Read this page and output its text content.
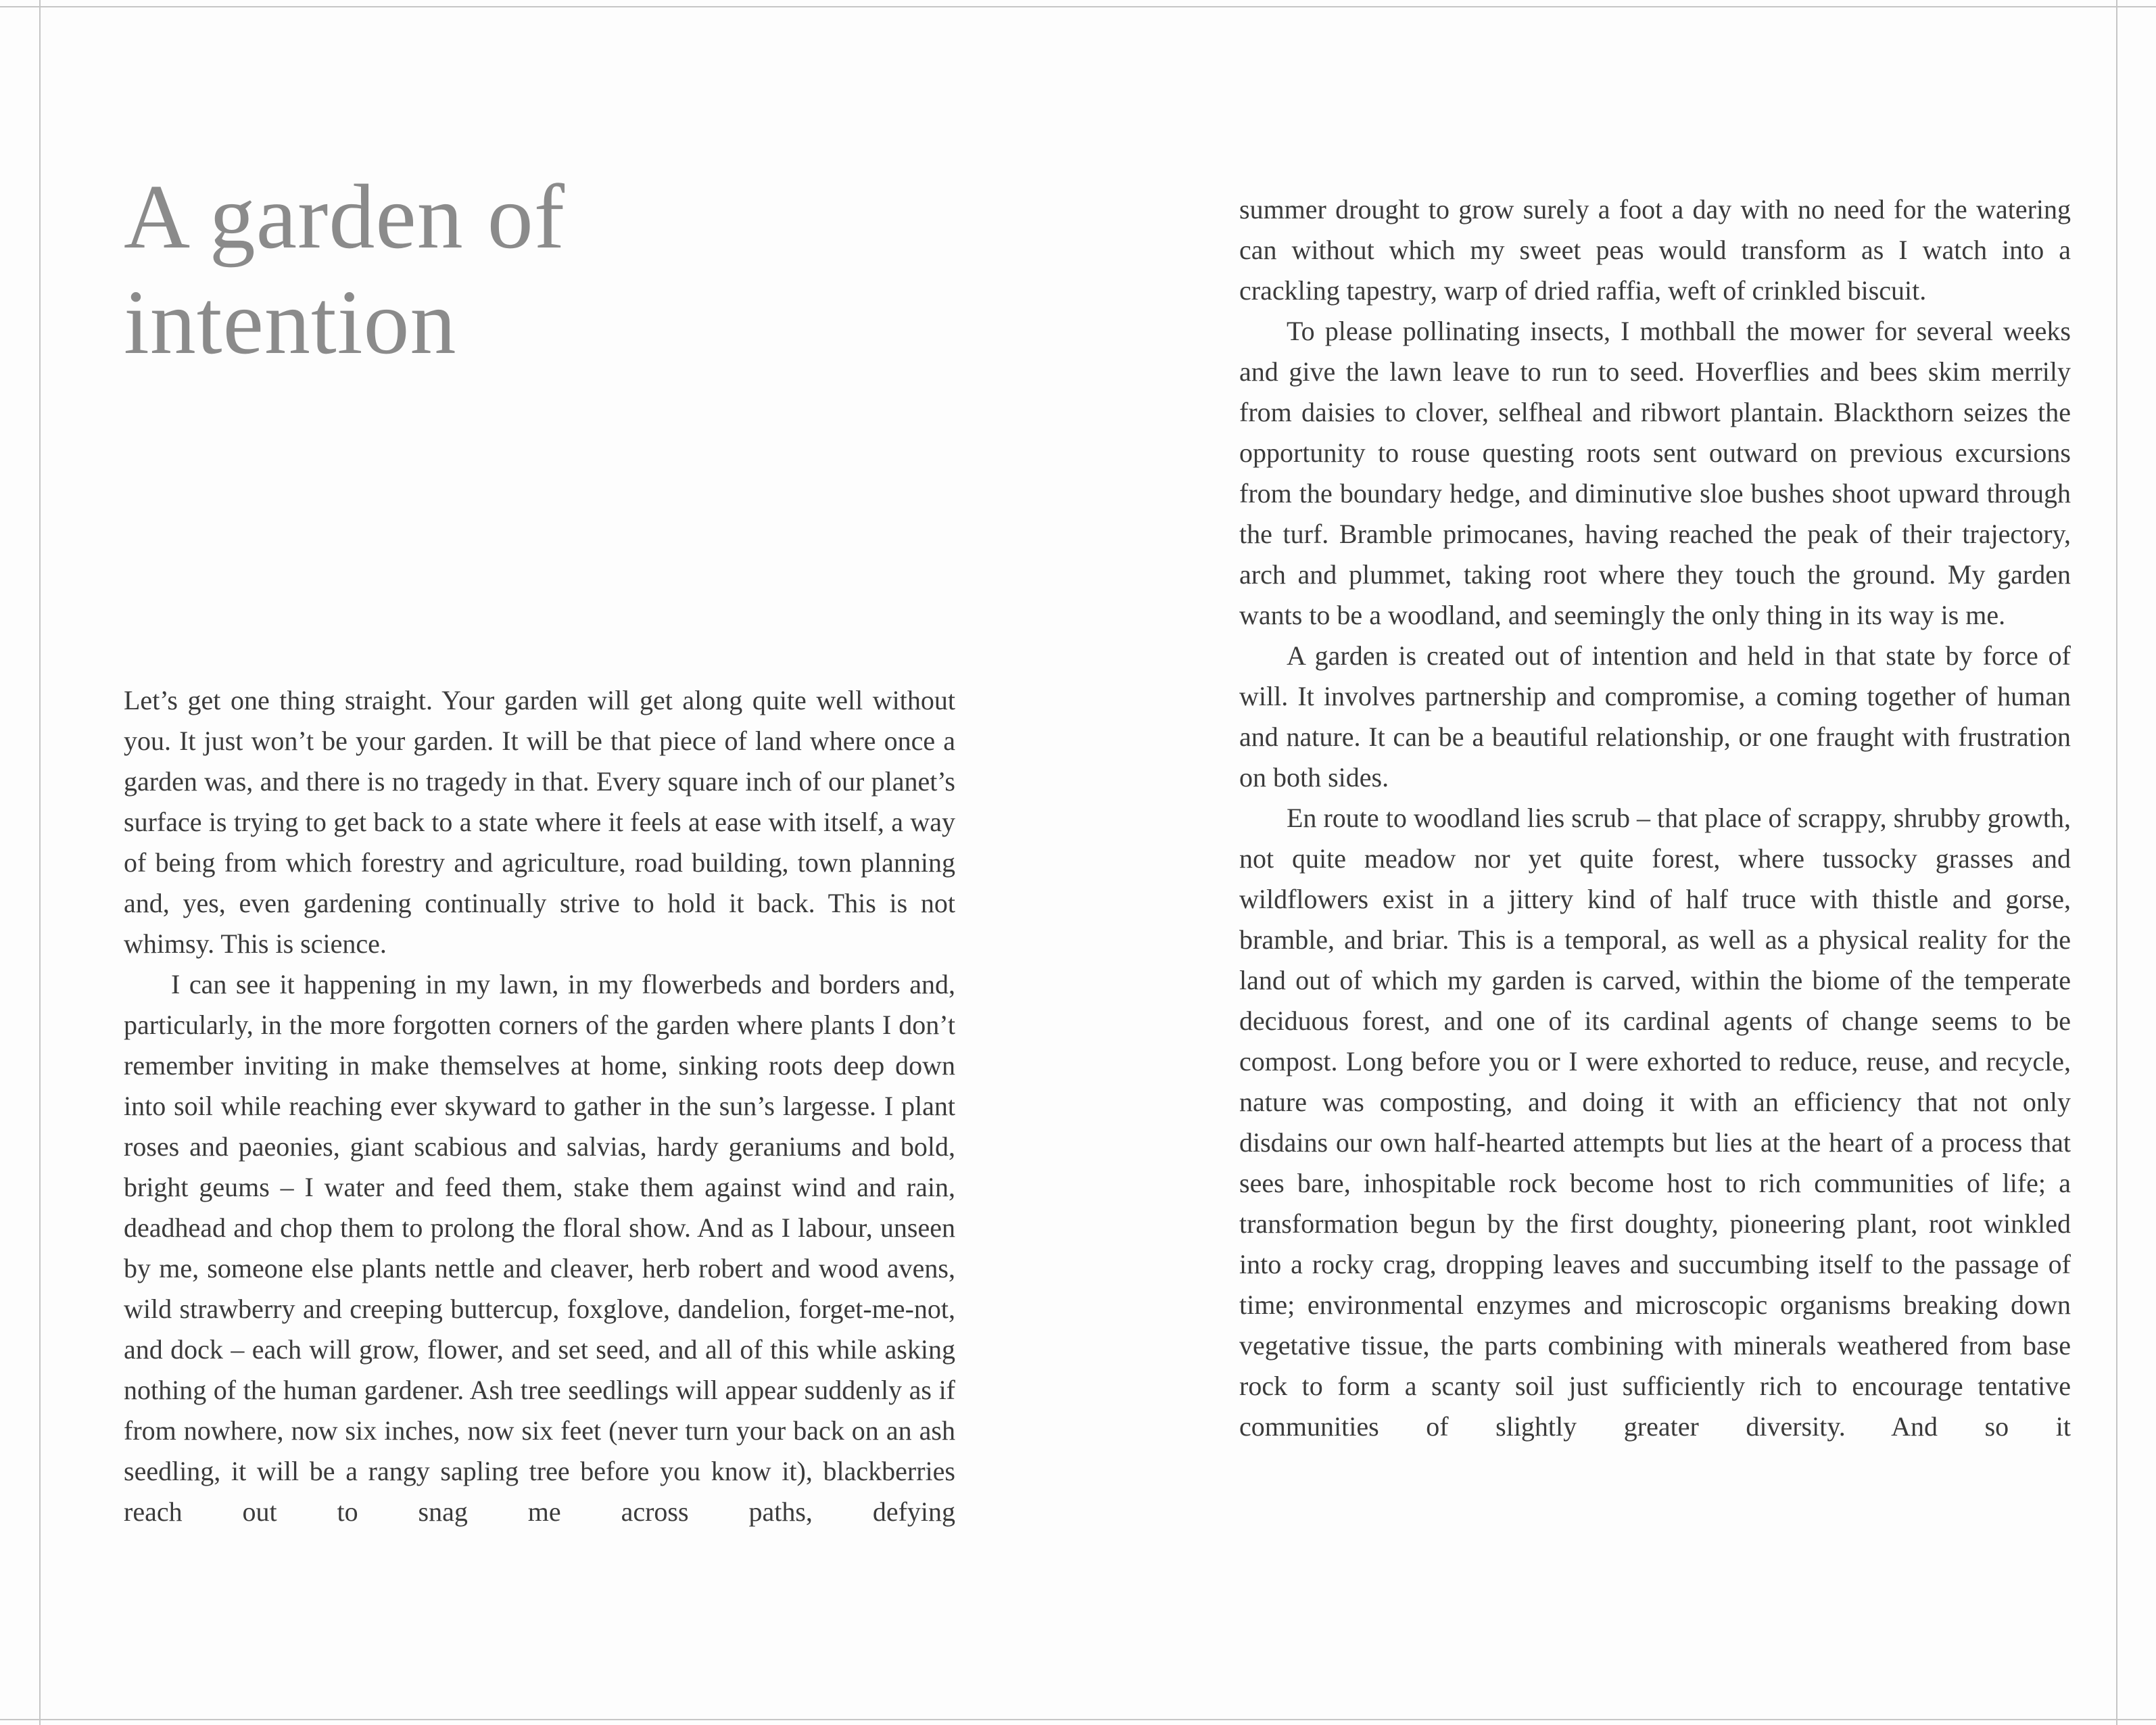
A garden of
intention

Let’s get one thing straight. Your garden will get along quite well without you. It just won’t be your garden. It will be that piece of land where once a garden was, and there is no tragedy in that. Every square inch of our planet’s surface is trying to get back to a state where it feels at ease with itself, a way of being from which forestry and agriculture, road building, town planning and, yes, even gardening continually strive to hold it back. This is not whimsy. This is science.

I can see it happening in my lawn, in my flowerbeds and borders and, particularly, in the more forgotten corners of the garden where plants I don’t remember inviting in make themselves at home, sinking roots deep down into soil while reaching ever skyward to gather in the sun’s largesse. I plant roses and paeonies, giant scabious and salvias, hardy geraniums and bold, bright geums – I water and feed them, stake them against wind and rain, deadhead and chop them to prolong the floral show. And as I labour, unseen by me, someone else plants nettle and cleaver, herb robert and wood avens, wild strawberry and creeping buttercup, foxglove, dandelion, forget-me-not, and dock – each will grow, flower, and set seed, and all of this while asking nothing of the human gardener. Ash tree seedlings will appear suddenly as if from nowhere, now six inches, now six feet (never turn your back on an ash seedling, it will be a rangy sapling tree before you know it), blackberries reach out to snag me across paths, defying

summer drought to grow surely a foot a day with no need for the watering can without which my sweet peas would transform as I watch into a crackling tapestry, warp of dried raffia, weft of crinkled biscuit.

To please pollinating insects, I mothball the mower for several weeks and give the lawn leave to run to seed. Hoverflies and bees skim merrily from daisies to clover, selfheal and ribwort plantain. Blackthorn seizes the opportunity to rouse questing roots sent outward on previous excursions from the boundary hedge, and diminutive sloe bushes shoot upward through the turf. Bramble primocanes, having reached the peak of their trajectory, arch and plummet, taking root where they touch the ground. My garden wants to be a woodland, and seemingly the only thing in its way is me.

A garden is created out of intention and held in that state by force of will. It involves partnership and compromise, a coming together of human and nature. It can be a beautiful relationship, or one fraught with frustration on both sides.

En route to woodland lies scrub – that place of scrappy, shrubby growth, not quite meadow nor yet quite forest, where tussocky grasses and wildflowers exist in a jittery kind of half truce with thistle and gorse, bramble, and briar. This is a temporal, as well as a physical reality for the land out of which my garden is carved, within the biome of the temperate deciduous forest, and one of its cardinal agents of change seems to be compost. Long before you or I were exhorted to reduce, reuse, and recycle, nature was composting, and doing it with an efficiency that not only disdains our own half-hearted attempts but lies at the heart of a process that sees bare, inhospitable rock become host to rich communities of life; a transformation begun by the first doughty, pioneering plant, root winkled into a rocky crag, dropping leaves and succumbing itself to the passage of time; environmental enzymes and microscopic organisms breaking down vegetative tissue, the parts combining with minerals weathered from base rock to form a scanty soil just sufficiently rich to encourage tentative communities of slightly greater diversity. And so it
